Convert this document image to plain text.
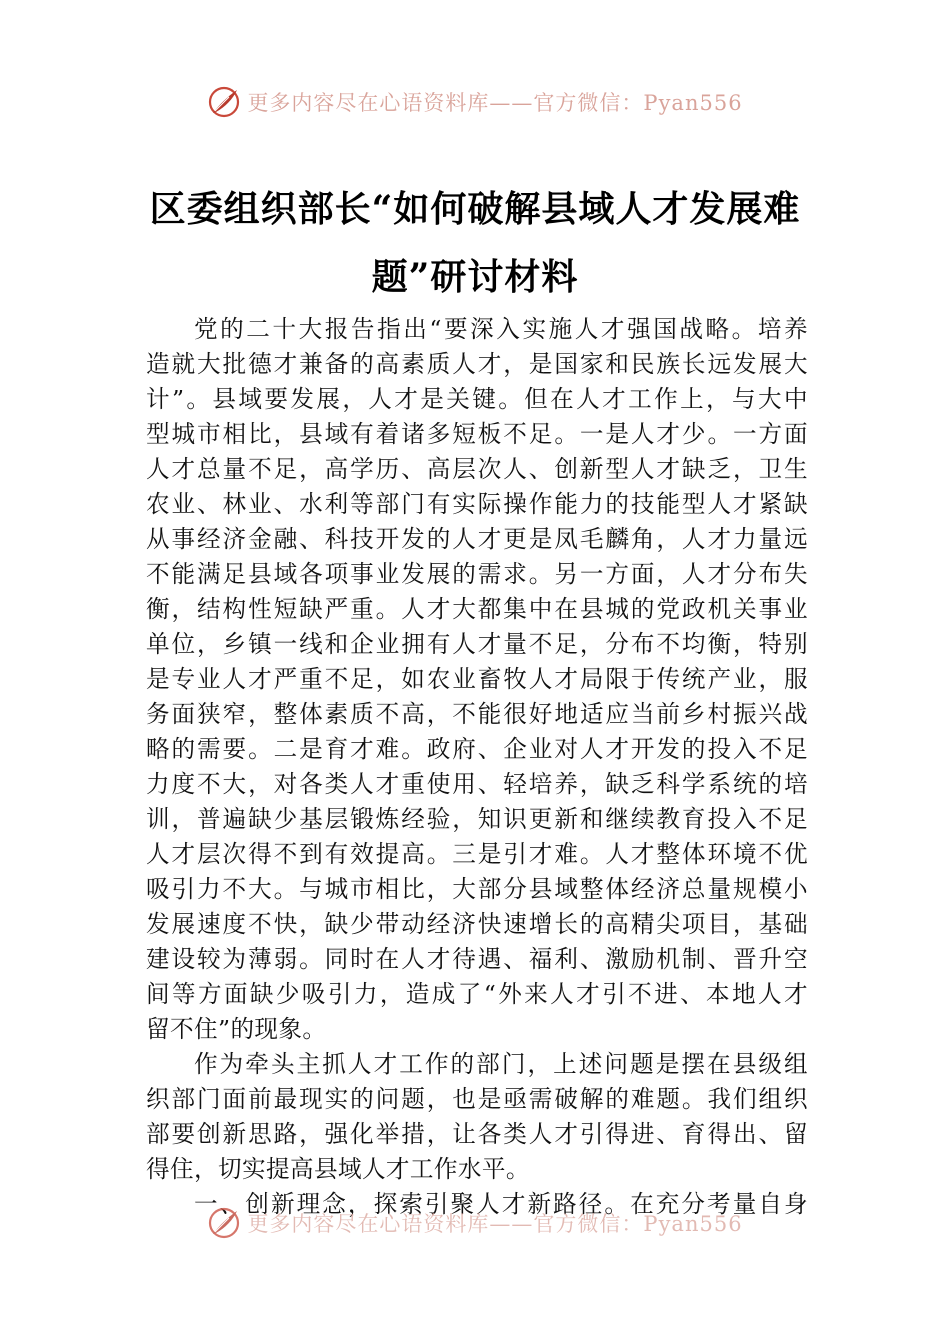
更多内容尽在心语资料库——官方微信：Pyan556
区委组织部长“如何破解县域人才发展难
题”研讨材料
党的二十大报告指出“要深入实施人才强国战略。培养
造就大批德才兼备的高素质人才，是国家和民族长远发展大
计”。县域要发展，人才是关键。但在人才工作上，与大中
型城市相比，县域有着诸多短板不足。一是人才少。一方面
人才总量不足，高学历、高层次人、创新型人才缺乏，卫生
农业、林业、水利等部门有实际操作能力的技能型人才紧缺
从事经济金融、科技开发的人才更是凤毛麟角，人才力量远
不能满足县域各项事业发展的需求。另一方面，人才分布失
衡，结构性短缺严重。人才大都集中在县城的党政机关事业
单位，乡镇一线和企业拥有人才量不足，分布不均衡，特别
是专业人才严重不足，如农业畜牧人才局限于传统产业，服
务面狭窄，整体素质不高，不能很好地适应当前乡村振兴战
略的需要。二是育才难。政府、企业对人才开发的投入不足
力度不大，对各类人才重使用、轻培养，缺乏科学系统的培
训，普遍缺少基层锻炼经验，知识更新和继续教育投入不足
人才层次得不到有效提高。三是引才难。人才整体环境不优
吸引力不大。与城市相比，大部分县域整体经济总量规模小
发展速度不快，缺少带动经济快速增长的高精尖项目，基础
建设较为薄弱。同时在人才待遇、福利、激励机制、晋升空
间等方面缺少吸引力，造成了“外来人才引不进、本地人才
留不住”的现象。
作为牵头主抓人才工作的部门，上述问题是摆在县级组
织部门面前最现实的问题，也是亟需破解的难题。我们组织
部要创新思路，强化举措，让各类人才引得进、育得出、留
得住，切实提高县域人才工作水平。
一、创新理念，探索引聚人才新路径。在充分考量自身
更多内容尽在心语资料库——官方微信：Pyan556
